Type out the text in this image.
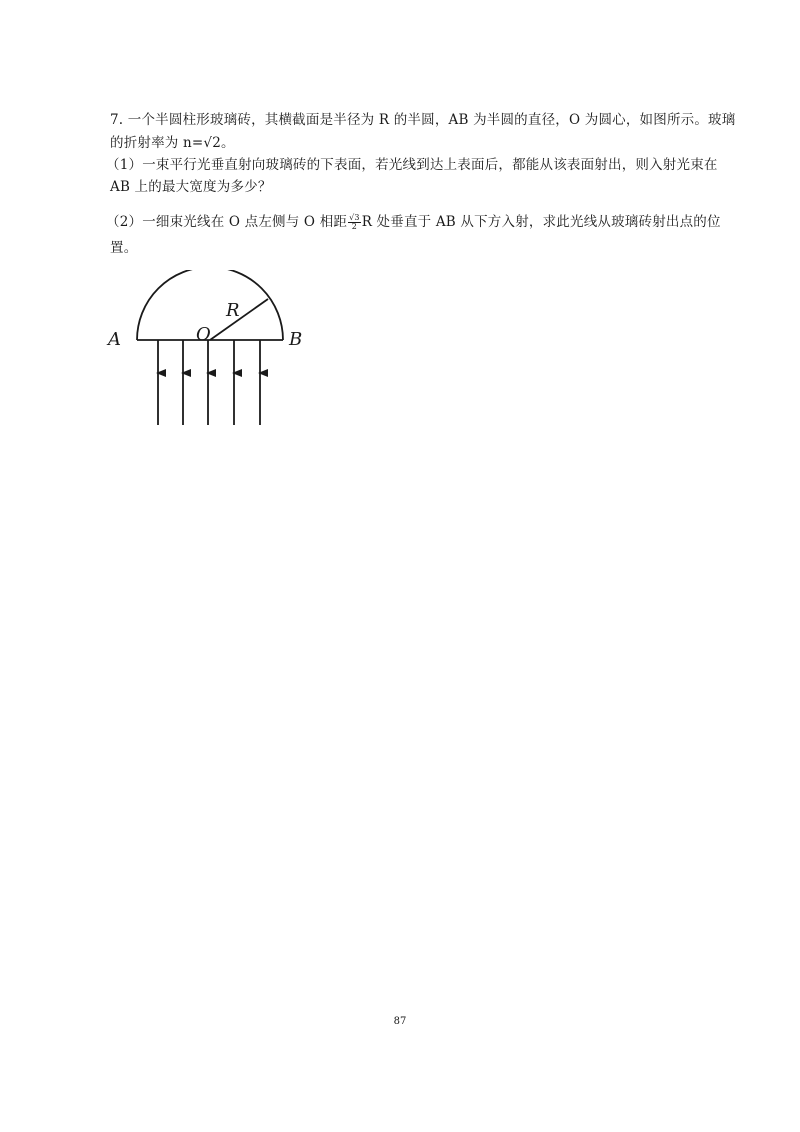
7. 一个半圆柱形玻璃砖，其横截面是半径为 R 的半圆，AB 为半圆的直径，O 为圆心，如图所示。玻璃
的折射率为 n=√2。
（1）一束平行光垂直射向玻璃砖的下表面，若光线到达上表面后，都能从该表面射出，则入射光束在
AB 上的最大宽度为多少？
（2）一细束光线在 O 点左侧与 O 相距 $\frac{√3}{2}$ R 处垂直于 AB 从下方入射，求此光线从玻璃砖射出点的位
置。
A	B
O
R
87
